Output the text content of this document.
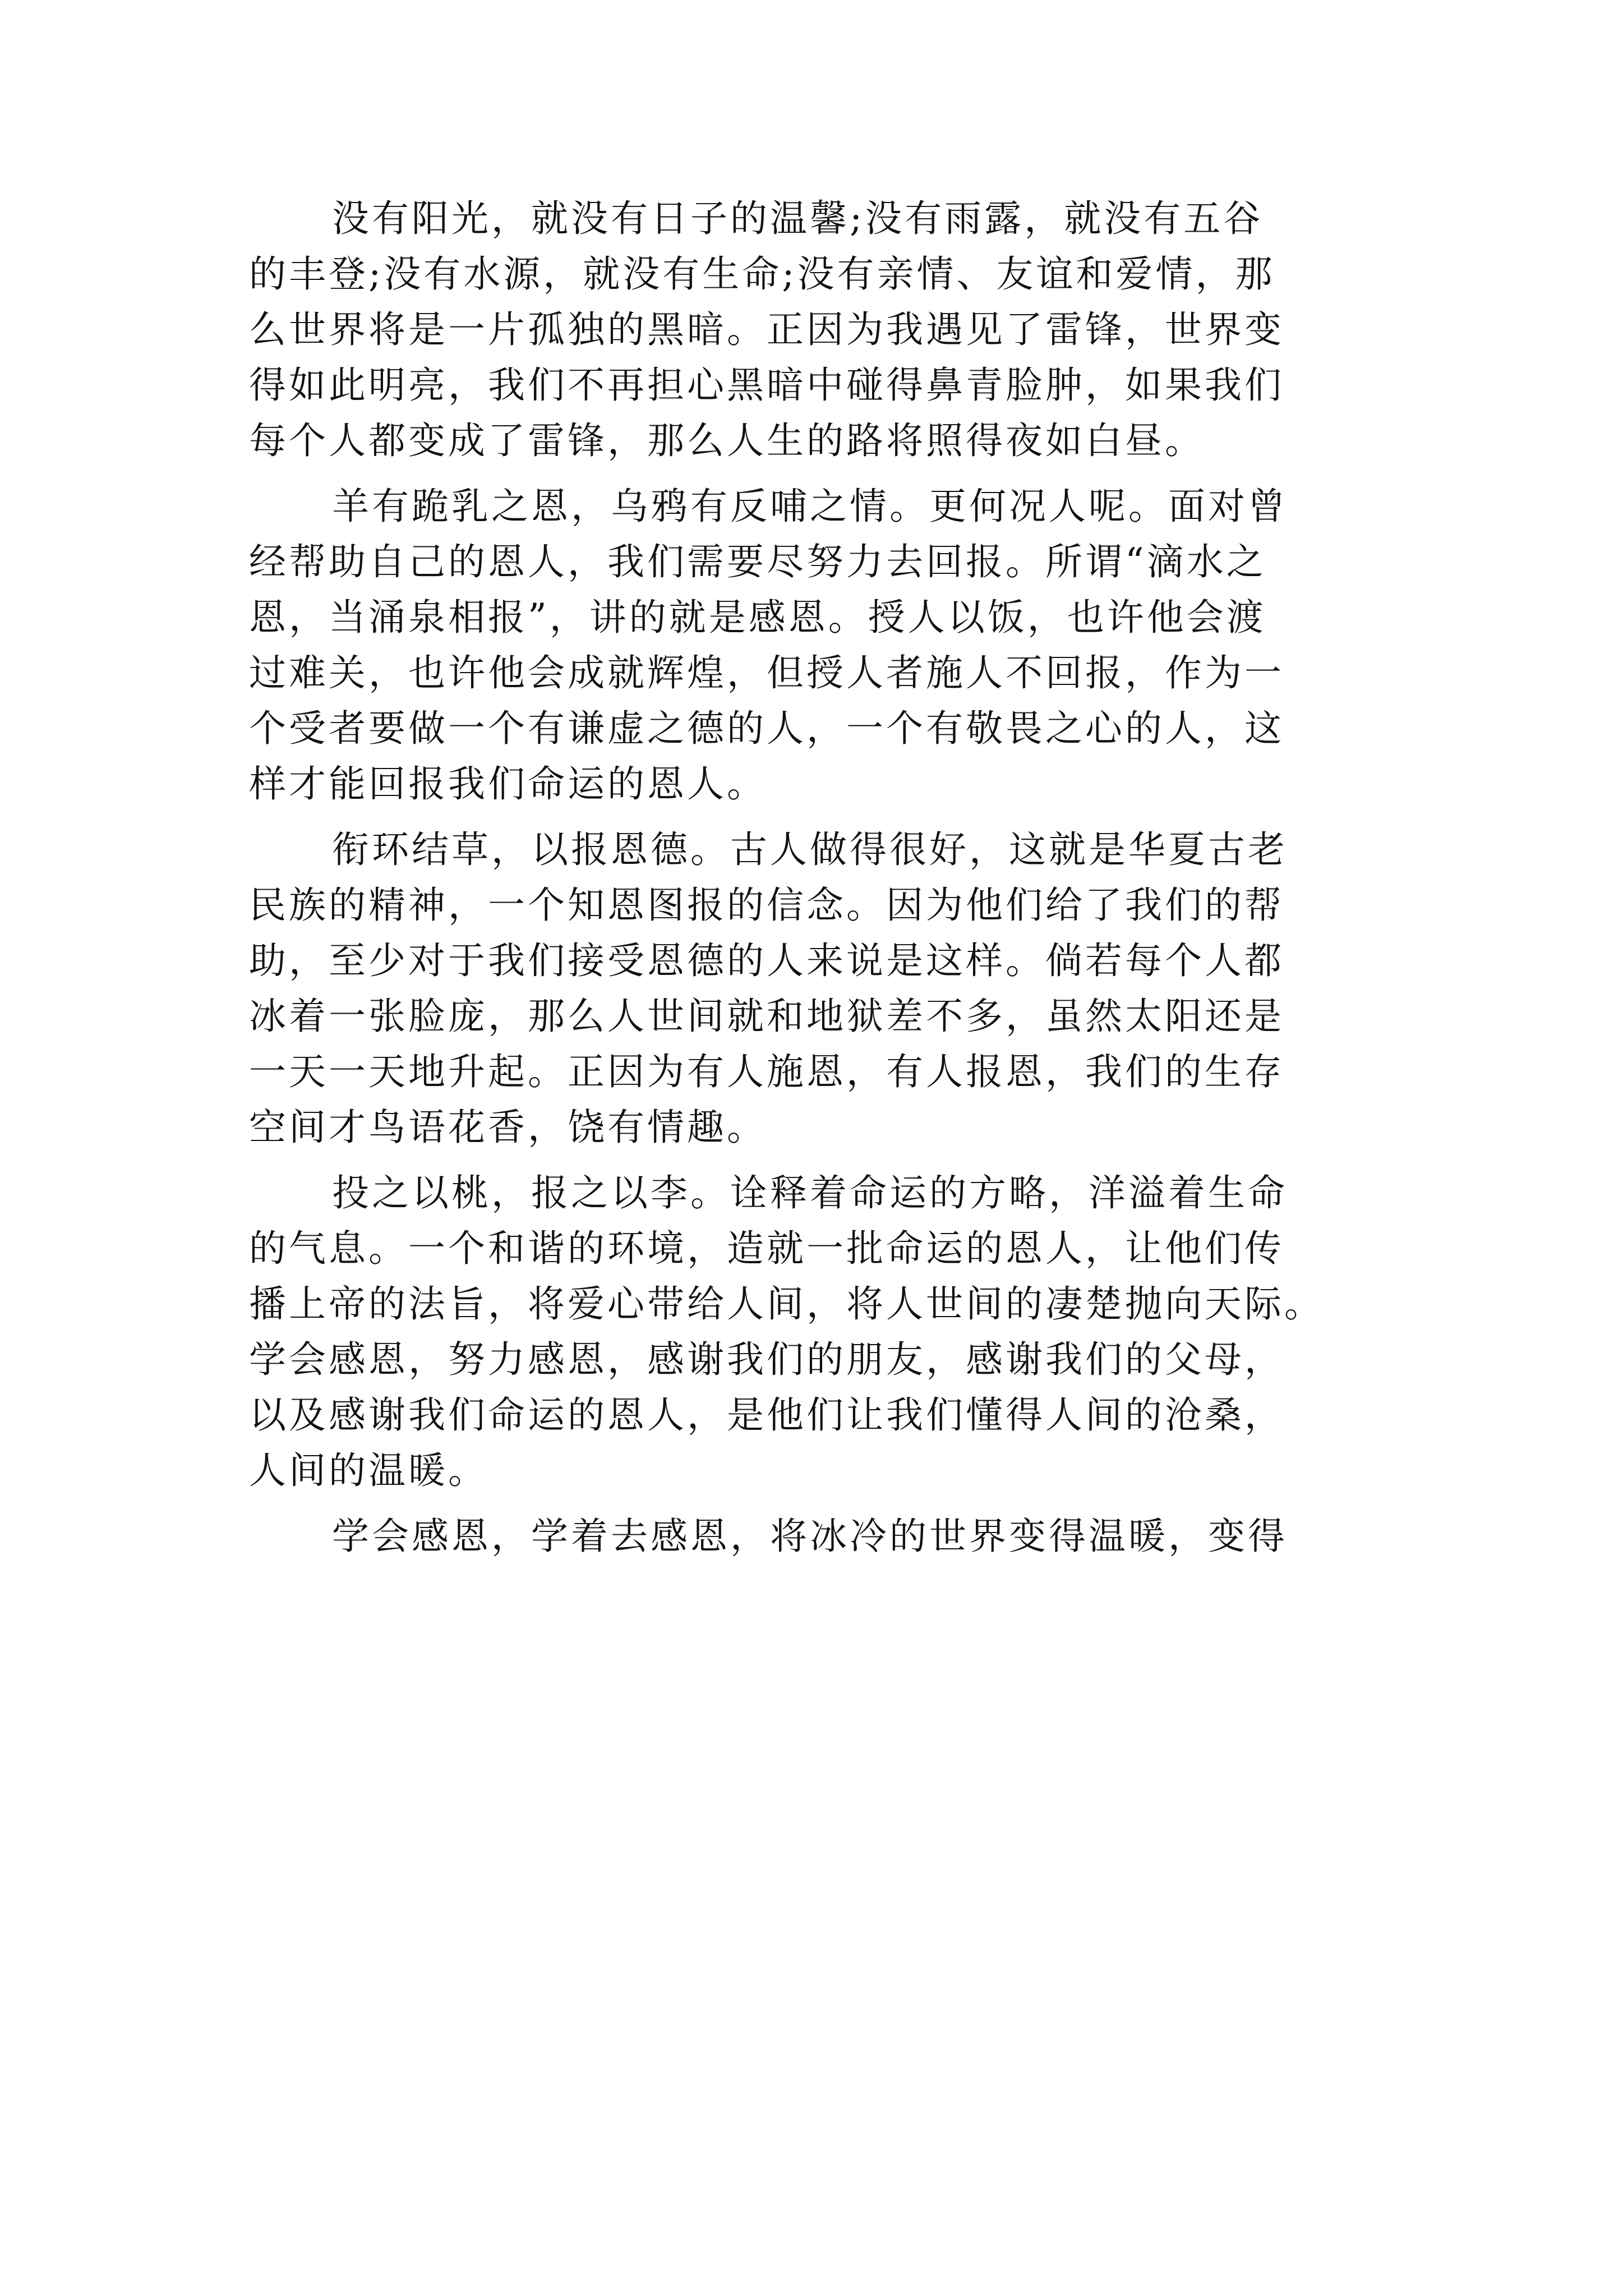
没有阳光，就没有日子的温馨;没有雨露，就没有五谷

的丰登;没有水源，就没有生命;没有亲情、友谊和爱情，那

么世界将是一片孤独的黑暗。正因为我遇见了雷锋，世界变

得如此明亮，我们不再担心黑暗中碰得鼻青脸肿，如果我们

每个人都变成了雷锋，那么人生的路将照得夜如白昼。

羊有跪乳之恩，乌鸦有反哺之情。更何况人呢。面对曾

经帮助自己的恩人，我们需要尽努力去回报。所谓“滴水之

恩，当涌泉相报”，讲的就是感恩。授人以饭，也许他会渡

过难关，也许他会成就辉煌，但授人者施人不回报，作为一

个受者要做一个有谦虚之德的人，一个有敬畏之心的人，这

样才能回报我们命运的恩人。

衔环结草，以报恩德。古人做得很好，这就是华夏古老

民族的精神，一个知恩图报的信念。因为他们给了我们的帮

助，至少对于我们接受恩德的人来说是这样。倘若每个人都

冰着一张脸庞，那么人世间就和地狱差不多，虽然太阳还是

一天一天地升起。正因为有人施恩，有人报恩，我们的生存

空间才鸟语花香，饶有情趣。

投之以桃，报之以李。诠释着命运的方略，洋溢着生命

的气息。一个和谐的环境，造就一批命运的恩人，让他们传

播上帝的法旨，将爱心带给人间，将人世间的凄楚抛向天际。

学会感恩，努力感恩，感谢我们的朋友，感谢我们的父母，

以及感谢我们命运的恩人，是他们让我们懂得人间的沧桑，

人间的温暖。

学会感恩，学着去感恩，将冰冷的世界变得温暖，变得
